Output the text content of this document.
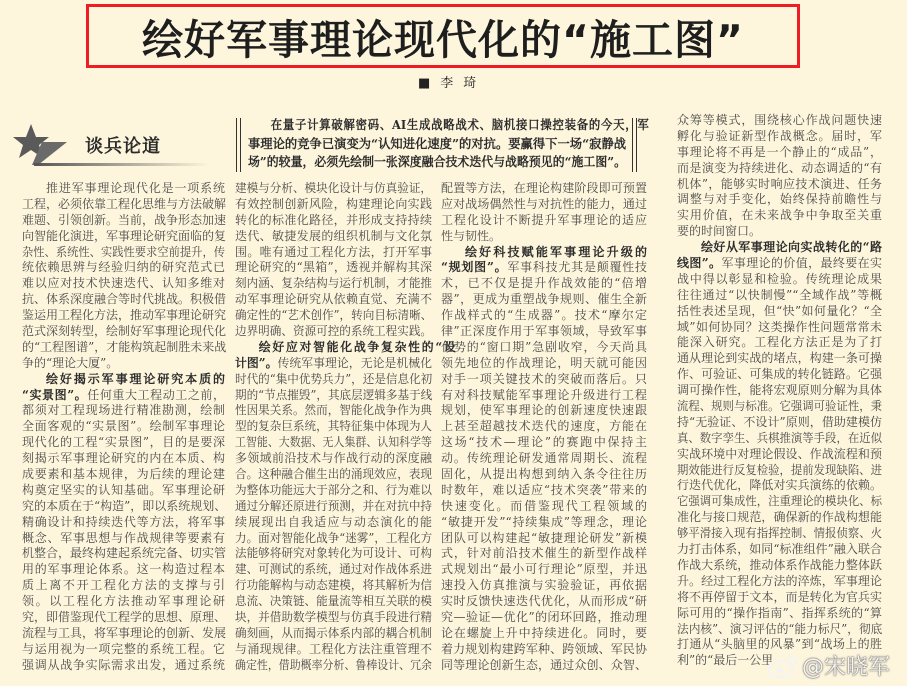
绘好军事理论现代化的“施工图”
■李琦
谈兵论道
在量子计算破解密码、AI生成战略战术、脑机接口操控装备的今天，军
事理论的竞争已演变为“认知进化速度”的对抗。要赢得下一场“寂静战
场”的较量，必须先绘制一张深度融合技术迭代与战略预见的“施工图”。
推进军事理论现代化是一项系统
工程，必须依靠工程化思维与方法破解
难题、引领创新。当前，战争形态加速
向智能化演进，军事理论研究面临的复
杂性、系统性、实践性要求空前提升，传
统依赖思辨与经验归纳的研究范式已
难以应对技术快速迭代、认知多维对
抗、体系深度融合等时代挑战。积极借
鉴运用工程化方法，推动军事理论研究
范式深刻转型，绘制好军事理论现代化
的“工程图谱”，才能构筑起制胜未来战
争的“理论大厦”。
绘好揭示军事理论研究本质的
“实景图”。任何重大工程动工之前，
都须对工程现场进行精准勘测，绘制
全面客观的“实景图”。绘制军事理论
现代化的工程“实景图”，目的是要深
刻揭示军事理论研究的内在本质、构
成要素和基本规律，为后续的理论建
构奠定坚实的认知基础。军事理论研
究的本质在于“构造”，即以系统规划、
精确设计和持续迭代等方法，将军事
概念、军事思想与作战规律等要素有
机整合，最终构建起系统完备、切实管
用的军事理论体系。这一构造过程本
质上离不开工程化方法的支撑与引
领。以工程化方法推动军事理论研
究，即借鉴现代工程学的思想、原理、
流程与工具，将军事理论的创新、发展
与运用视为一项完整的系统工程。它
强调从战争实际需求出发，通过系统
建模与分析、模块化设计与仿真验证，
有效控制创新风险，构建理论向实践
转化的标准化路径，并形成支持持续
迭代、敏捷发展的组织机制与文化氛
围。唯有通过工程化方法，打开军事
理论研究的“黑箱”，透视并解构其深
刻内涵、复杂结构与运行机制，才能推
动军事理论研究从依赖直觉、充满不
确定性的“艺术创作”，转向目标清晰、
边界明确、资源可控的系统工程实践。
绘好应对智能化战争复杂性的“设
计图”。传统军事理论，无论是机械化
时代的“集中优势兵力”，还是信息化初
期的“节点摧毁”，其底层逻辑多基于线
性因果关系。然而，智能化战争作为典
型的复杂巨系统，其特征集中体现为人
工智能、大数据、无人集群、认知科学等
多领域前沿技术与作战行动的深度融
合。这种融合催生出的涌现效应，表现
为整体功能远大于部分之和、行为难以
通过分解还原进行预测，并在对抗中持
续展现出自我适应与动态演化的能
力。面对智能化战争“迷雾”，工程化方
法能够将研究对象转化为可设计、可构
建、可测试的系统，通过对作战体系进
行功能解构与动态建模，将其解析为信
息流、决策链、能量流等相互关联的模
块，并借助数学模型与仿真手段进行精
确刻画，从而揭示体系内部的耦合机制
与涌现规律。工程化方法注重管理不
确定性，借助概率分析、鲁棒设计、冗余
配置等方法，在理论构建阶段即可预置
应对战场偶然性与对抗性的能力，通过
工程化设计不断提升军事理论的适应
性与韧性。
绘好科技赋能军事理论升级的
“规划图”。军事科技尤其是颠覆性技
术，已不仅是提升作战效能的“倍增
器”，更成为重塑战争规则、催生全新
作战样式的“生成器”。技术“摩尔定
律”正深度作用于军事领域，导致军事
优势的“窗口期”急剧收窄，今天尚具
领先地位的作战理论，明天就可能因
对手一项关键技术的突破而落后。只
有对科技赋能军事理论升级进行工程
规划，使军事理论的创新速度快速跟
上甚至超越技术迭代的速度，方能在
这场“技术—理论”的赛跑中保持主
动。传统理论研发通常周期长、流程
固化，从提出构想到纳入条令往往历
时数年，难以适应“技术突袭”带来的
快速变化。而借鉴现代工程领域的
“敏捷开发”“持续集成”等理念，理论
团队可以构建起“敏捷理论研发”新模
式，针对前沿技术催生的新型作战样
式规划出“最小可行理论”原型，并迅
速投入仿真推演与实验验证，再依据
实时反馈快速迭代优化，从而形成“研
究—验证—优化”的闭环回路，推动理
论在螺旋上升中持续进化。同时，要
着力规划构建跨军种、跨领域、军民协
同等理论创新生态，通过众创、众智、
众筹等模式，围绕核心作战问题快速
孵化与验证新型作战概念。届时，军
事理论将不再是一个静止的“成品”，
而是演变为持续进化、动态调适的“有
机体”，能够实时响应技术演进、任务
调整与对手变化，始终保持前瞻性与
实用价值，在未来战争中争取至关重
要的时间窗口。
绘好从军事理论向实战转化的“路
线图”。军事理论的价值，最终要在实
战中得以彰显和检验。传统理论成果
往往通过“以快制慢”“全域作战”等概
括性表述呈现，但“快”如何量化？“全
域”如何协同？这类操作性问题常常未
能深入研究。工程化方法正是为了打
通从理论到实战的堵点，构建一条可操
作、可验证、可集成的转化链路。它强
调可操作性，能将宏观原则分解为具体
流程、规则与标准。它强调可验证性，秉
持“无验证、不设计”原则，借助建模仿
真、数字孪生、兵棋推演等手段，在近似
实战环境中对理论假设、作战流程和预
期效能进行反复检验，提前发现缺陷、进
行迭代优化，降低对实兵演练的依赖。
它强调可集成性，注重理论的模块化、标
准化与接口规范，确保新的作战构想能
够平滑接入现有指挥控制、情报侦察、火
力打击体系，如同“标准组件”融入联合
作战大系统，推动体系作战能力整体跃
升。经过工程化方法的淬炼，军事理论
将不再停留于文本，而是转化为官兵实
际可用的“操作指南”、指挥系统的“算
法内核”、演习评估的“能力标尺”，彻底
打通从“头脑里的风暴”到“战场上的胜
利”的“最后一公里	@宋晓军
